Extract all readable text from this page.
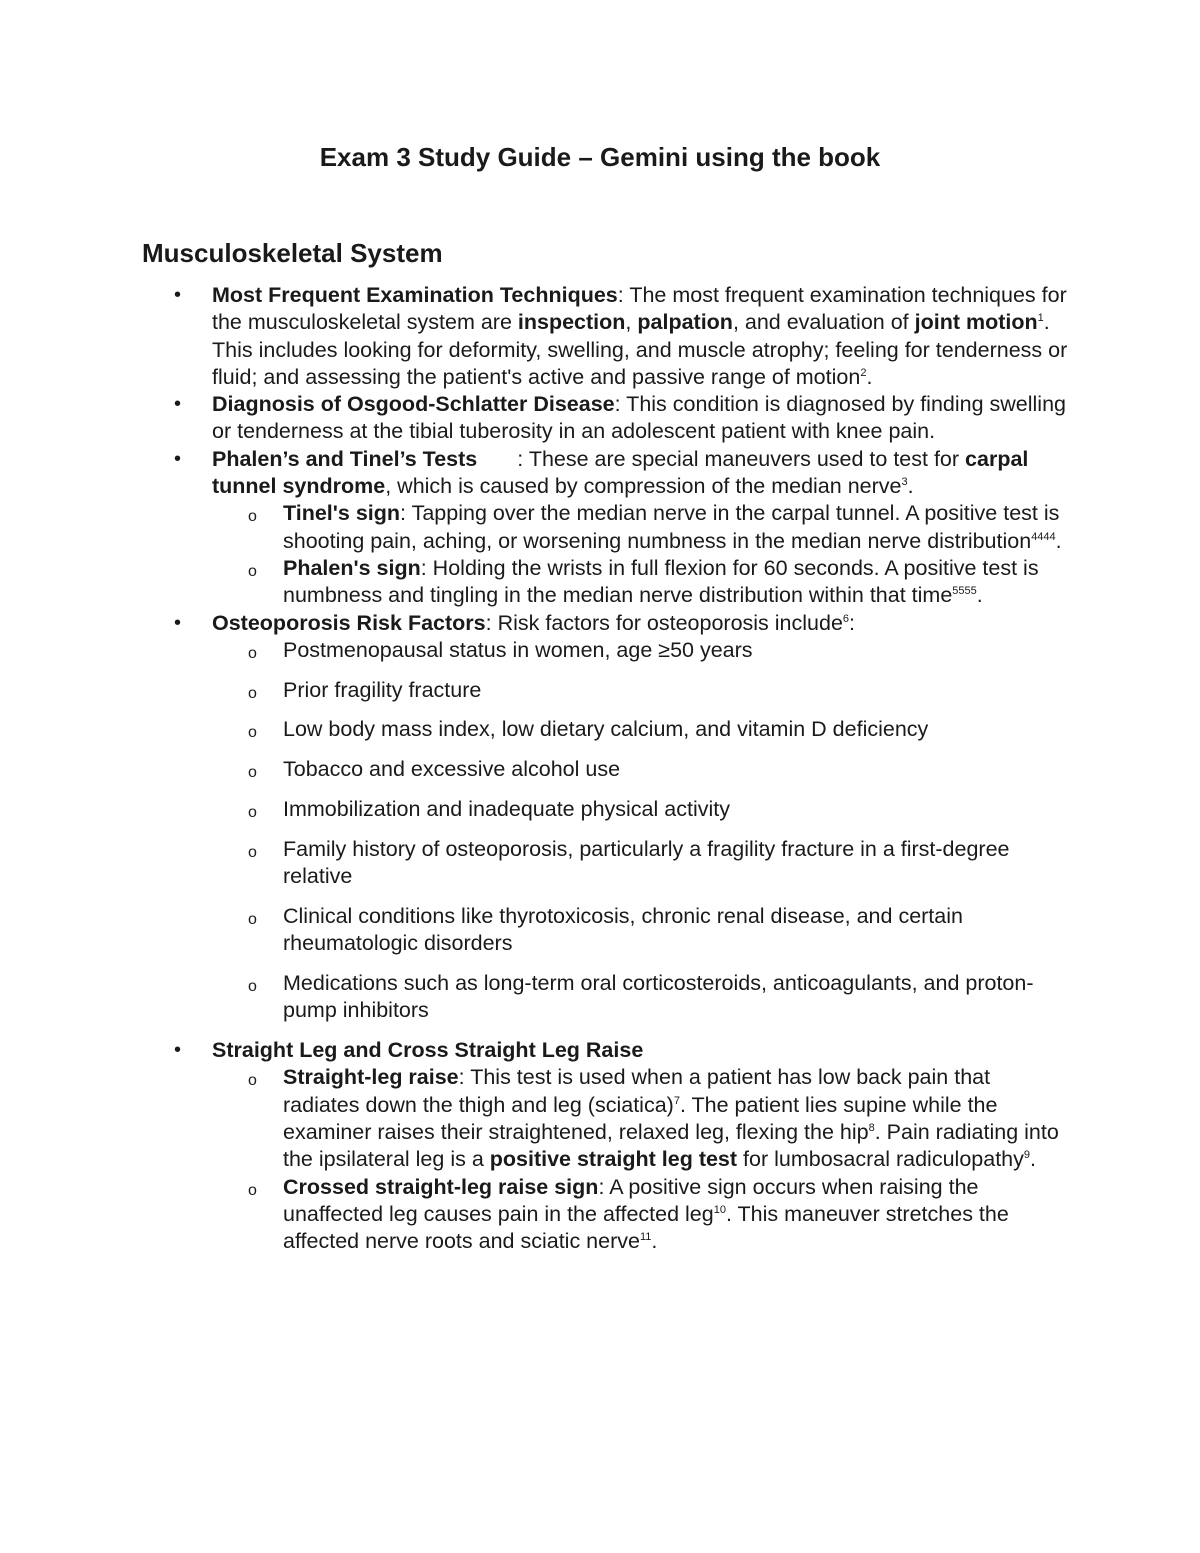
Exam 3 Study Guide – Gemini using the book
Musculoskeletal System
• Most Frequent Examination Techniques: The most frequent examination techniques for the musculoskeletal system are inspection, palpation, and evaluation of joint motion$^1$. This includes looking for deformity, swelling, and muscle atrophy; feeling for tenderness or fluid; and assessing the patient's active and passive range of motion$^2$.
• Diagnosis of Osgood-Schlatter Disease: This condition is diagnosed by finding swelling or tenderness at the tibial tuberosity in an adolescent patient with knee pain.
• Phalen’s and Tinel’s Tests : These are special maneuvers used to test for carpal tunnel syndrome, which is caused by compression of the median nerve$^3$.
o Tinel's sign: Tapping over the median nerve in the carpal tunnel. A positive test is shooting pain, aching, or worsening numbness in the median nerve distribution$^{4444}$.
o Phalen's sign: Holding the wrists in full flexion for 60 seconds. A positive test is numbness and tingling in the median nerve distribution within that time$^{5555}$.
• Osteoporosis Risk Factors: Risk factors for osteoporosis include$^6$:
o Postmenopausal status in women, age ≥50 years
o Prior fragility fracture
o Low body mass index, low dietary calcium, and vitamin D deficiency
o Tobacco and excessive alcohol use
o Immobilization and inadequate physical activity
o Family history of osteoporosis, particularly a fragility fracture in a first-degree relative
o Clinical conditions like thyrotoxicosis, chronic renal disease, and certain rheumatologic disorders
o Medications such as long-term oral corticosteroids, anticoagulants, and proton-pump inhibitors
• Straight Leg and Cross Straight Leg Raise
o Straight-leg raise: This test is used when a patient has low back pain that radiates down the thigh and leg (sciatica)$^7$. The patient lies supine while the examiner raises their straightened, relaxed leg, flexing the hip$^8$. Pain radiating into the ipsilateral leg is a positive straight leg test for lumbosacral radiculopathy$^9$.
o Crossed straight-leg raise sign: A positive sign occurs when raising the unaffected leg causes pain in the affected leg$^{10}$. This maneuver stretches the affected nerve roots and sciatic nerve$^{11}$.
